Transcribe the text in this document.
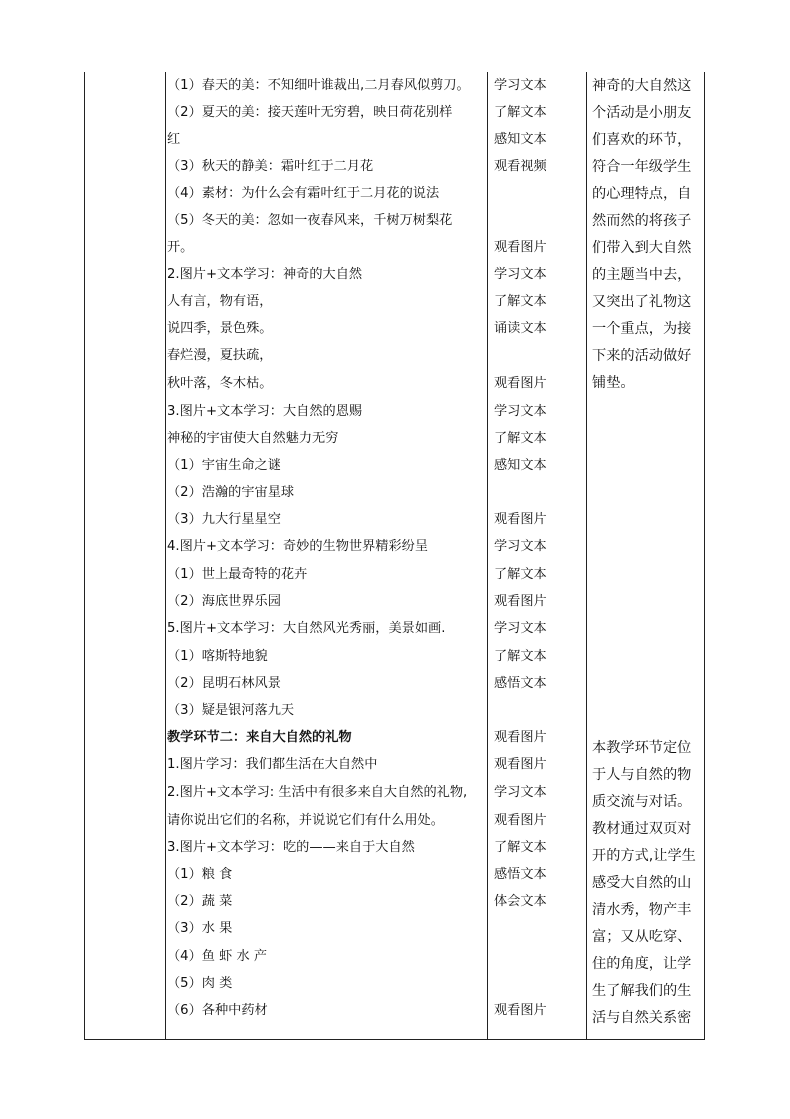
（1）春天的美：不知细叶谁裁出,二月春风似剪刀。
（2）夏天的美：接天莲叶无穷碧，映日荷花别样
红
（3）秋天的静美：霜叶红于二月花
（4）素材：为什么会有霜叶红于二月花的说法
（5）冬天的美：忽如一夜春风来，千树万树梨花
开。
2.图片+文本学习：神奇的大自然
人有言，物有语，
说四季，景色殊。
春烂漫，夏扶疏，
秋叶落，冬木枯。
3.图片+文本学习：大自然的恩赐
神秘的宇宙使大自然魅力无穷
（1）宇宙生命之谜
（2）浩瀚的宇宙星球
（3）九大行星星空
4.图片+文本学习：奇妙的生物世界精彩纷呈
（1）世上最奇特的花卉
（2）海底世界乐园
5.图片+文本学习：大自然风光秀丽，美景如画.
（1）喀斯特地貌
（2）昆明石林风景
（3）疑是银河落九天
教学环节二：来自大自然的礼物
1.图片学习：我们都生活在大自然中
2.图片+文本学习: 生活中有很多来自大自然的礼物,
请你说出它们的名称，并说说它们有什么用处。
3.图片+文本学习：吃的——来自于大自然
（1）粮 食
（2）蔬 菜
（3）水 果
（4）鱼 虾 水 产
（5）肉 类
（6）各种中药材
学习文本
了解文本
感知文本
观看视频
观看图片
学习文本
了解文本
诵读文本
观看图片
学习文本
了解文本
感知文本
观看图片
学习文本
了解文本
观看图片
学习文本
了解文本
感悟文本
观看图片
观看图片
学习文本
观看图片
了解文本
感悟文本
体会文本
观看图片
神奇的大自然这
个活动是小朋友
们喜欢的环节，
符合一年级学生
的心理特点，自
然而然的将孩子
们带入到大自然
的主题当中去，
又突出了礼物这
一个重点，为接
下来的活动做好
铺垫。
本教学环节定位
于人与自然的物
质交流与对话。
教材通过双页对
开的方式,让学生
感受大自然的山
清水秀，物产丰
富；又从吃穿、
住的角度，让学
生了解我们的生
活与自然关系密
